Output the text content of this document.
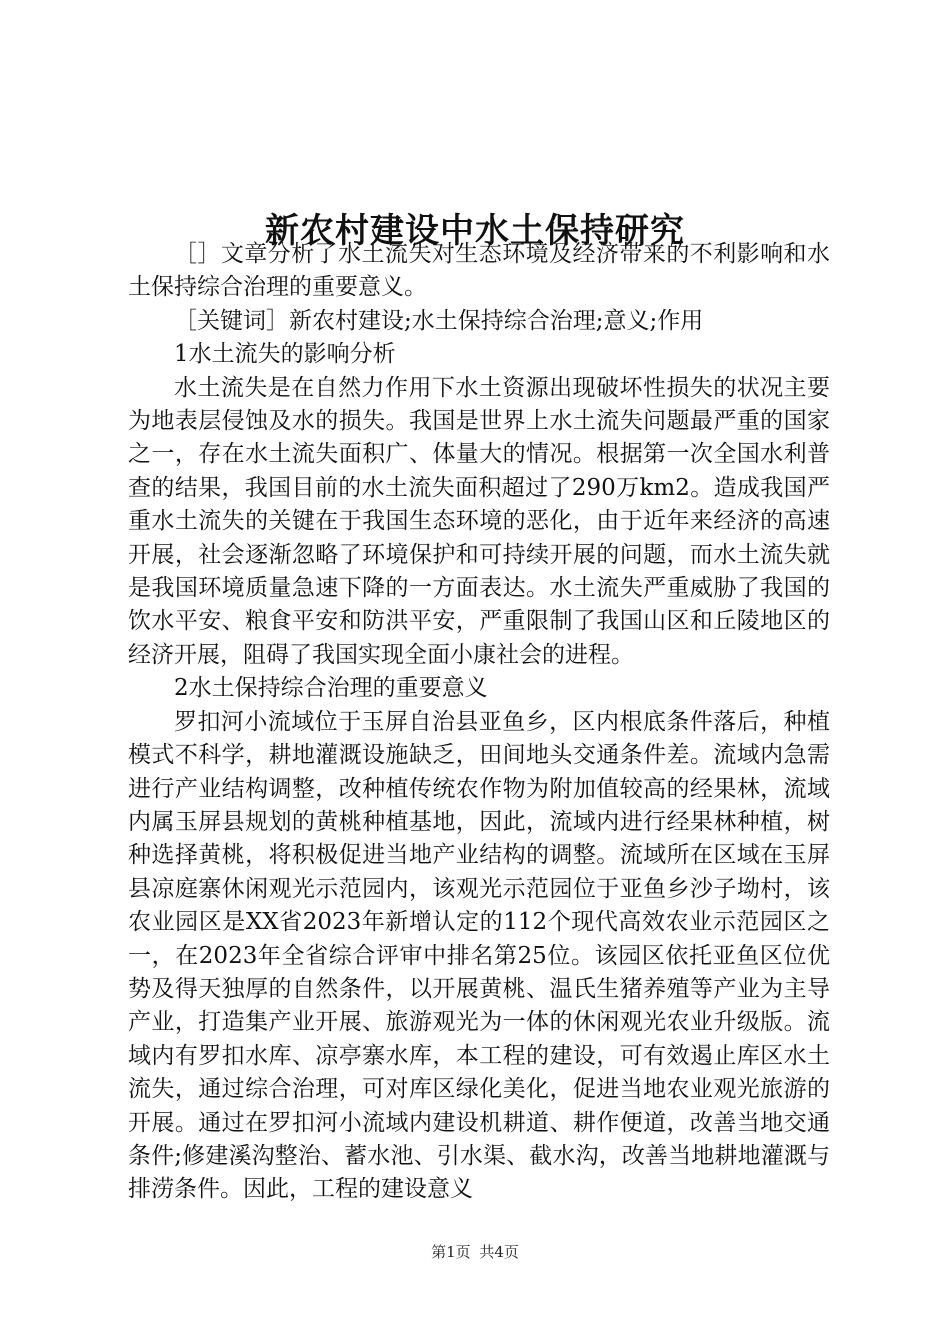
新农村建设中水土保持研究

［］文章分析了水土流失对生态环境及经济带来的不利影响和水土保持综合治理的重要意义。

［关键词］新农村建设;水土保持综合治理;意义;作用

1水土流失的影响分析

水土流失是在自然力作用下水土资源出现破坏性损失的状况主要为地表层侵蚀及水的损失。我国是世界上水土流失问题最严重的国家之一，存在水土流失面积广、体量大的情况。根据第一次全国水利普查的结果，我国目前的水土流失面积超过了290万km2。造成我国严重水土流失的关键在于我国生态环境的恶化，由于近年来经济的高速开展，社会逐渐忽略了环境保护和可持续开展的问题，而水土流失就是我国环境质量急速下降的一方面表达。水土流失严重威胁了我国的饮水平安、粮食平安和防洪平安，严重限制了我国山区和丘陵地区的经济开展，阻碍了我国实现全面小康社会的进程。

2水土保持综合治理的重要意义

罗扣河小流域位于玉屏自治县亚鱼乡，区内根底条件落后，种植模式不科学，耕地灌溉设施缺乏，田间地头交通条件差。流域内急需进行产业结构调整，改种植传统农作物为附加值较高的经果林，流域内属玉屏县规划的黄桃种植基地，因此，流域内进行经果林种植，树种选择黄桃，将积极促进当地产业结构的调整。流域所在区域在玉屏县凉庭寨休闲观光示范园内，该观光示范园位于亚鱼乡沙子坳村，该农业园区是XX省2023年新增认定的112个现代高效农业示范园区之一，在2023年全省综合评审中排名第25位。该园区依托亚鱼区位优势及得天独厚的自然条件，以开展黄桃、温氏生猪养殖等产业为主导产业，打造集产业开展、旅游观光为一体的休闲观光农业升级版。流域内有罗扣水库、凉亭寨水库，本工程的建设，可有效遏止库区水土流失，通过综合治理，可对库区绿化美化，促进当地农业观光旅游的开展。通过在罗扣河小流域内建设机耕道、耕作便道，改善当地交通条件;修建溪沟整治、蓄水池、引水渠、截水沟，改善当地耕地灌溉与排涝条件。因此，工程的建设意义

第1页 共4页
